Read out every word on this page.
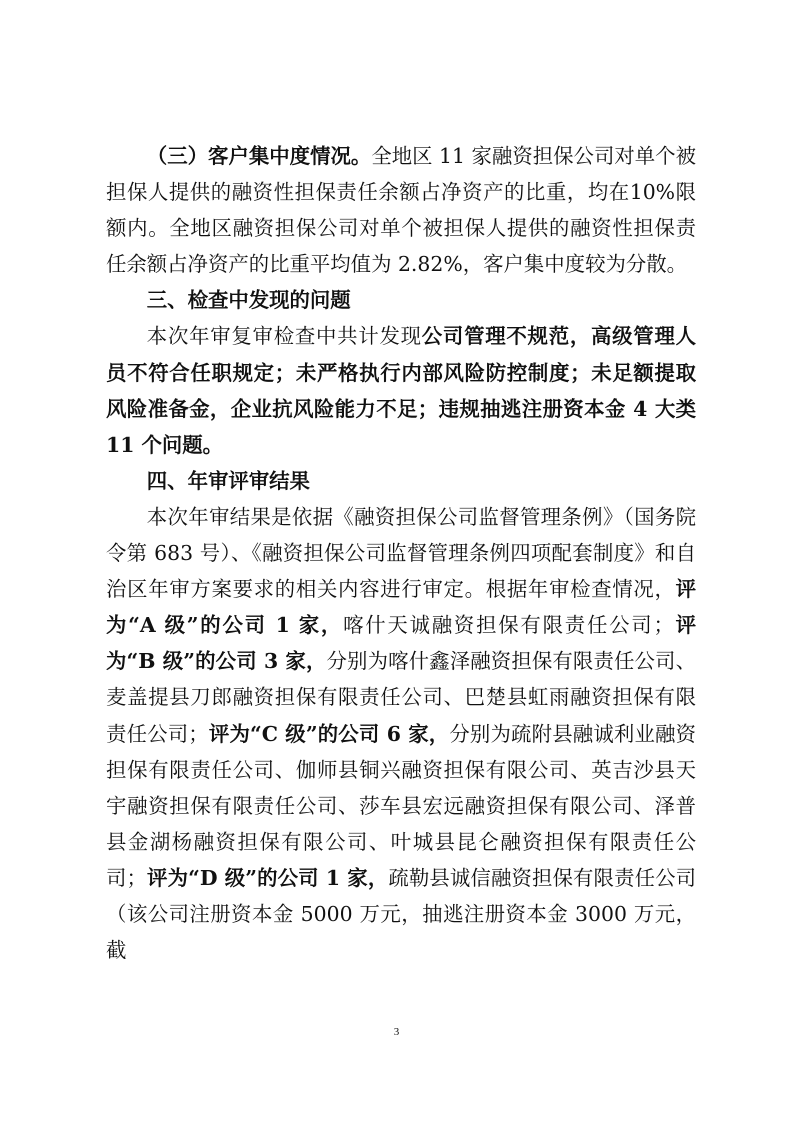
（三）客户集中度情况。全地区 11 家融资担保公司对单个被担保人提供的融资性担保责任余额占净资产的比重，均在10%限额内。全地区融资担保公司对单个被担保人提供的融资性担保责任余额占净资产的比重平均值为 2.82%，客户集中度较为分散。

三、检查中发现的问题

本次年审复审检查中共计发现公司管理不规范，高级管理人员不符合任职规定；未严格执行内部风险防控制度；未足额提取风险准备金，企业抗风险能力不足；违规抽逃注册资本金 4 大类 11 个问题。

四、年审评审结果

本次年审结果是依据《融资担保公司监督管理条例》（国务院令第 683 号）、《融资担保公司监督管理条例四项配套制度》和自治区年审方案要求的相关内容进行审定。根据年审检查情况，评为“A 级”的公司 1 家，喀什天诚融资担保有限责任公司；评为“B 级”的公司 3 家，分别为喀什鑫泽融资担保有限责任公司、麦盖提县刀郎融资担保有限责任公司、巴楚县虹雨融资担保有限责任公司；评为“C 级”的公司 6 家，分别为疏附县融诚利业融资担保有限责任公司、伽师县铜兴融资担保有限公司、英吉沙县天宇融资担保有限责任公司、莎车县宏远融资担保有限公司、泽普县金湖杨融资担保有限公司、叶城县昆仑融资担保有限责任公司；评为“D 级”的公司 1 家，疏勒县诚信融资担保有限责任公司（该公司注册资本金 5000 万元，抽逃注册资本金 3000 万元，截

3
